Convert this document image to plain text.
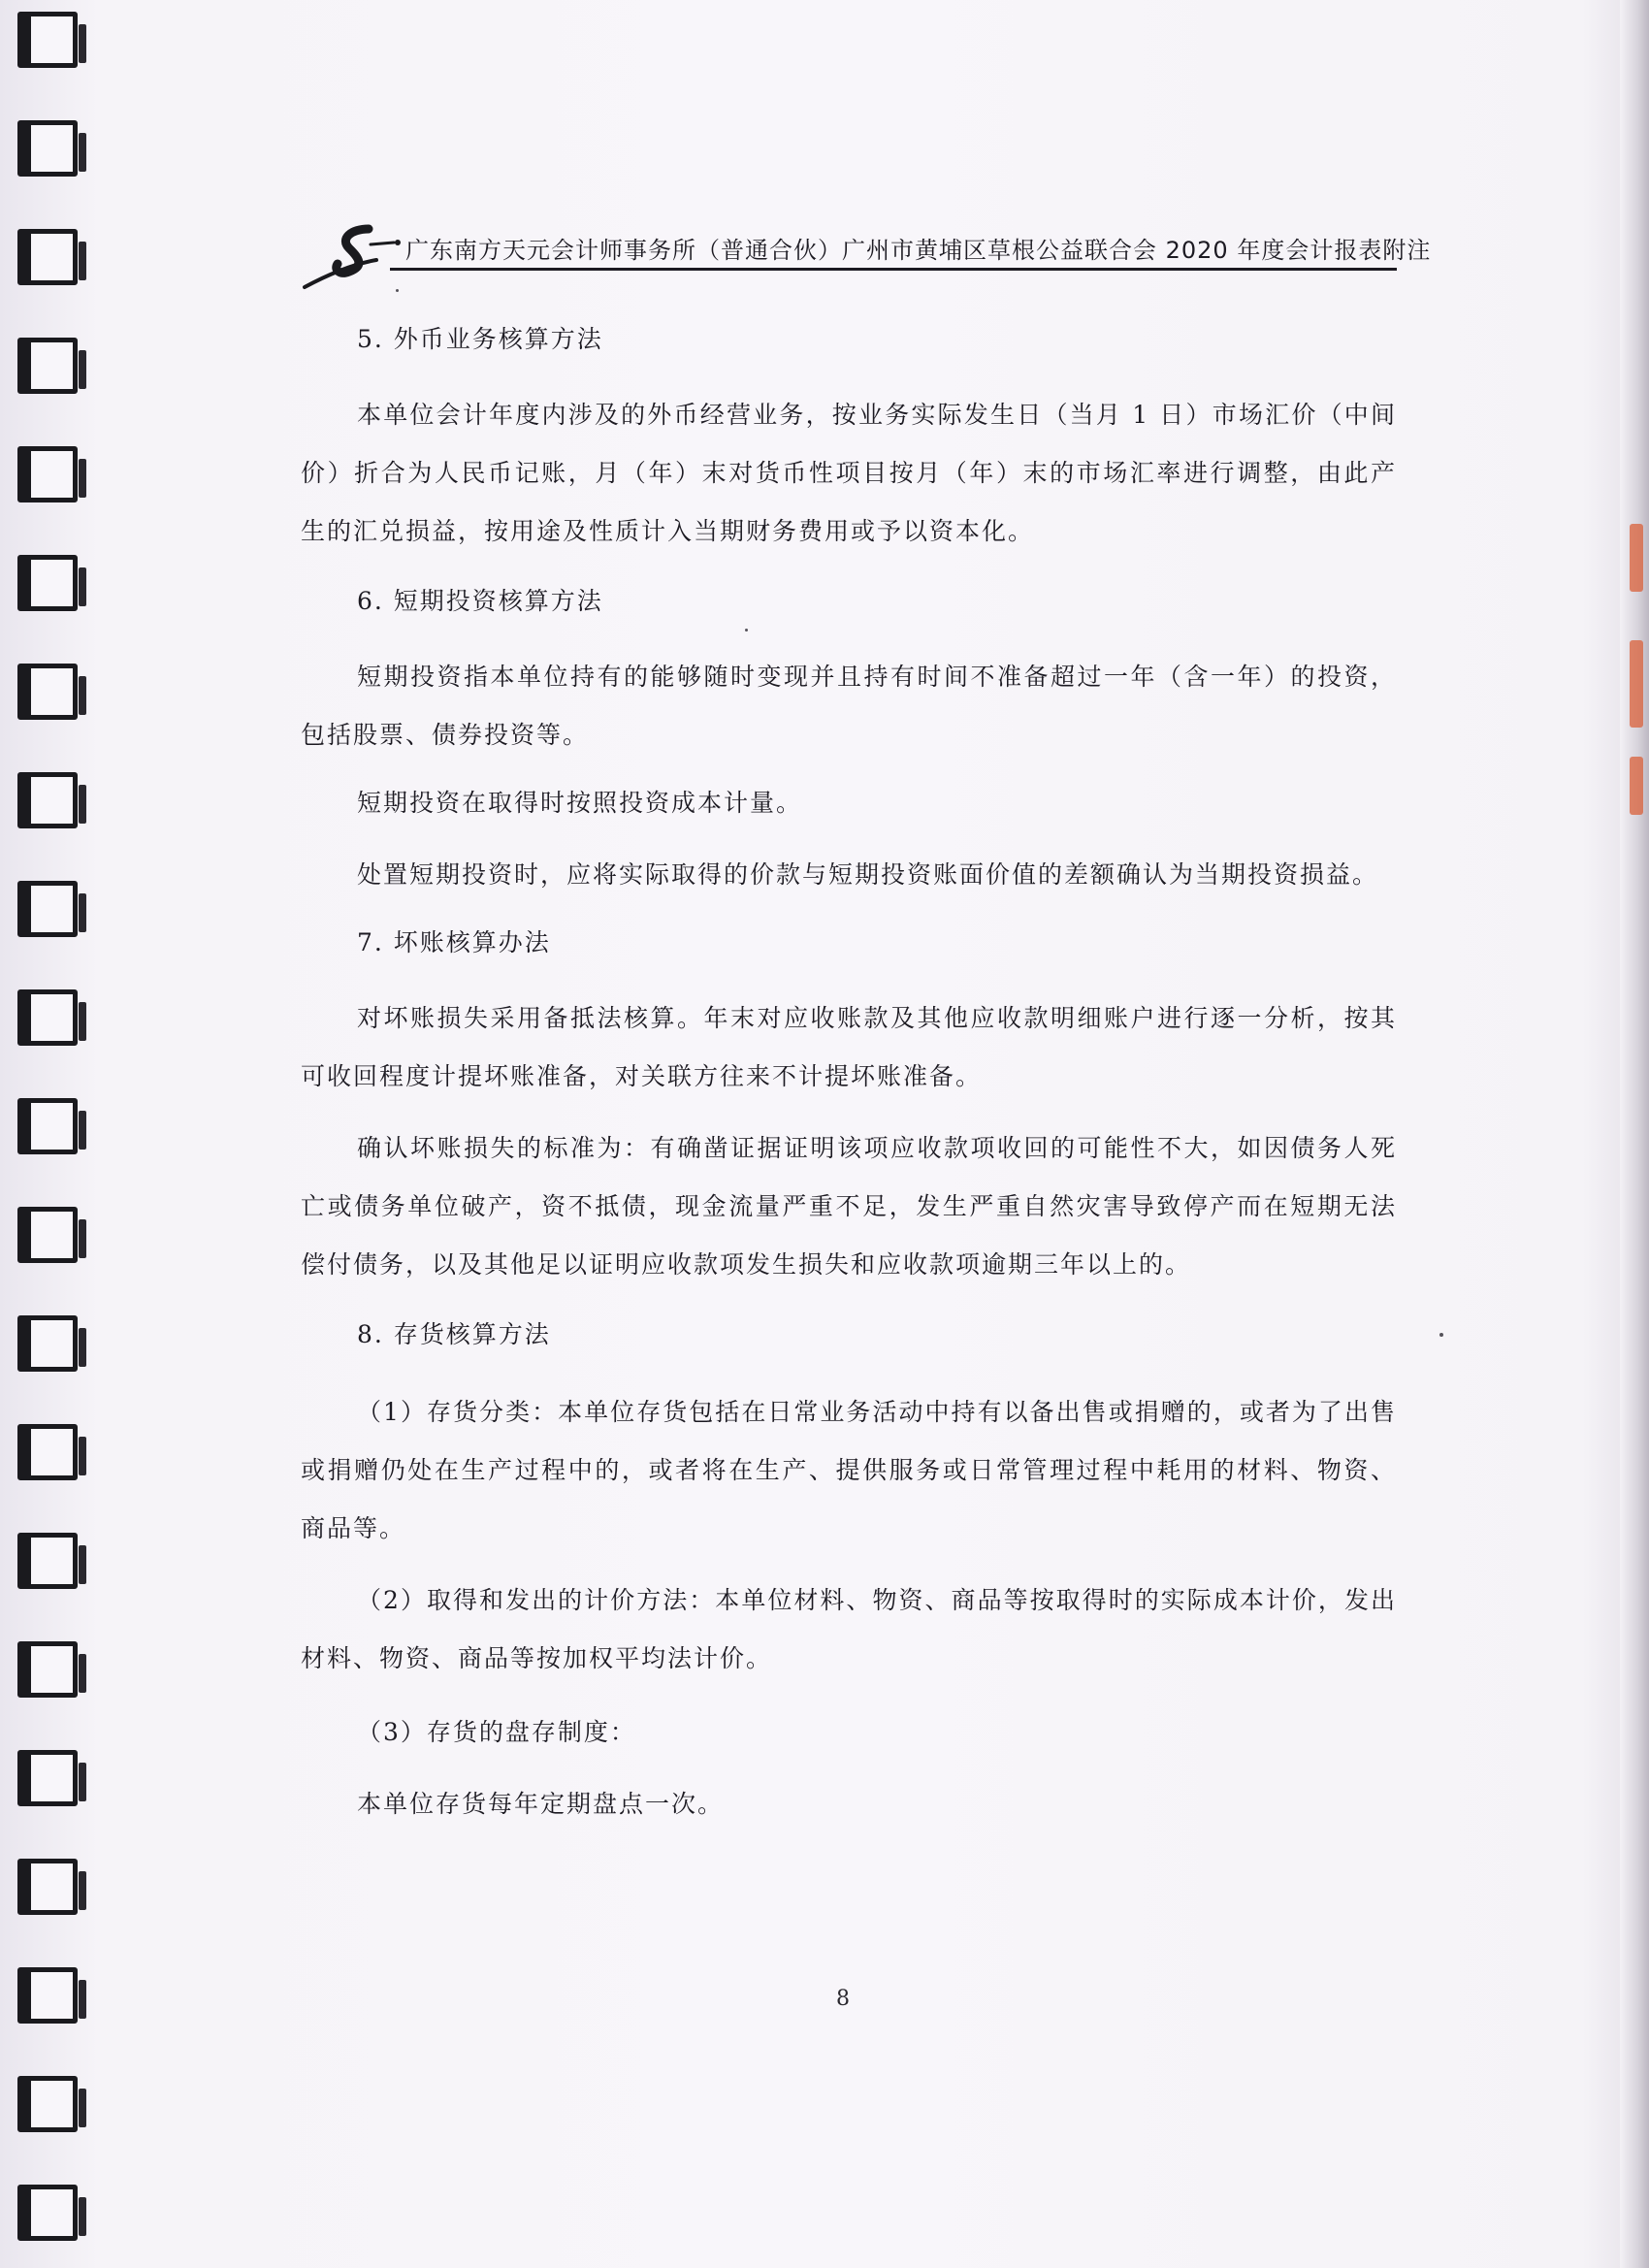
广东南方天元会计师事务所（普通合伙）广州市黄埔区草根公益联合会 2020 年度会计报表附注

5. 外币业务核算方法

本单位会计年度内涉及的外币经营业务，按业务实际发生日（当月 1 日）市场汇价（中间价）折合为人民币记账，月（年）末对货币性项目按月（年）末的市场汇率进行调整，由此产生的汇兑损益，按用途及性质计入当期财务费用或予以资本化。

6. 短期投资核算方法

短期投资指本单位持有的能够随时变现并且持有时间不准备超过一年（含一年）的投资，包括股票、债券投资等。

短期投资在取得时按照投资成本计量。

处置短期投资时，应将实际取得的价款与短期投资账面价值的差额确认为当期投资损益。

7. 坏账核算办法

对坏账损失采用备抵法核算。年末对应收账款及其他应收款明细账户进行逐一分析，按其可收回程度计提坏账准备，对关联方往来不计提坏账准备。

确认坏账损失的标准为：有确凿证据证明该项应收款项收回的可能性不大，如因债务人死亡或债务单位破产，资不抵债，现金流量严重不足，发生严重自然灾害导致停产而在短期无法偿付债务，以及其他足以证明应收款项发生损失和应收款项逾期三年以上的。

8. 存货核算方法

（1）存货分类：本单位存货包括在日常业务活动中持有以备出售或捐赠的，或者为了出售或捐赠仍处在生产过程中的，或者将在生产、提供服务或日常管理过程中耗用的材料、物资、商品等。

（2）取得和发出的计价方法：本单位材料、物资、商品等按取得时的实际成本计价，发出材料、物资、商品等按加权平均法计价。

（3）存货的盘存制度：

本单位存货每年定期盘点一次。

8
